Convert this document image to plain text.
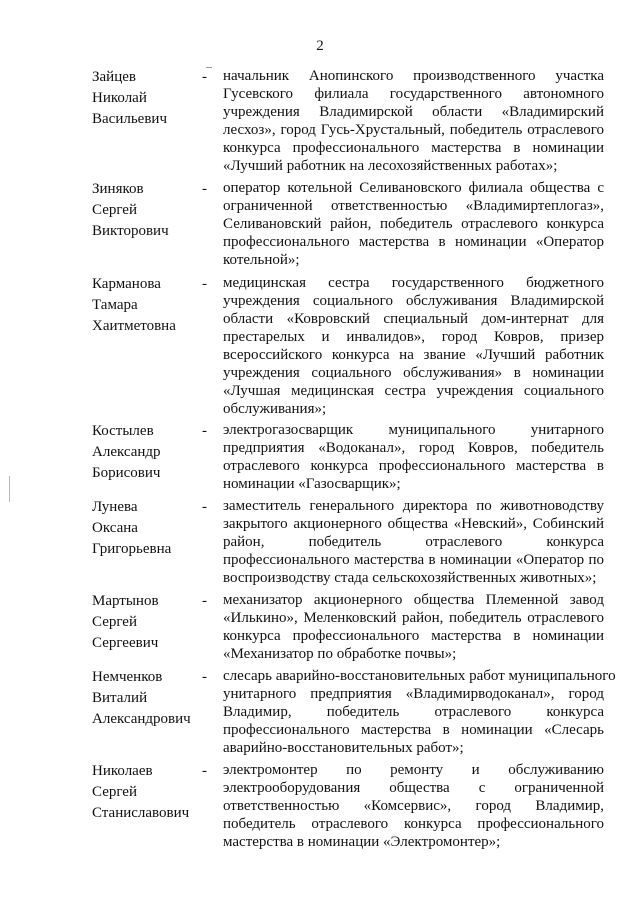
2
Зайцев
Николай
Васильевич
- начальник Анопинского производственного участка
Гусевского филиала государственного автономного
учреждения Владимирской области «Владимирский
лесхоз», город Гусь-Хрустальный, победитель отраслевого
конкурса профессионального мастерства в номинации
«Лучший работник на лесохозяйственных работах»;
Зиняков
Сергей
Викторович
- оператор котельной Селивановского филиала общества с
ограниченной ответственностью «Владимиртеплогаз»,
Селивановский район, победитель отраслевого конкурса
профессионального мастерства в номинации «Оператор
котельной»;
Карманова
Тамара
Хаитметовна
- медицинская сестра государственного бюджетного
учреждения социального обслуживания Владимирской
области «Ковровский специальный дом-интернат для
престарелых и инвалидов», город Ковров, призер
всероссийского конкурса на звание «Лучший работник
учреждения социального обслуживания» в номинации
«Лучшая медицинская сестра учреждения социального
обслуживания»;
Костылев
Александр
Борисович
- электрогазосварщик муниципального унитарного
предприятия «Водоканал», город Ковров, победитель
отраслевого конкурса профессионального мастерства в
номинации «Газосварщик»;
Лунева
Оксана
Григорьевна
- заместитель генерального директора по животноводству
закрытого акционерного общества «Невский», Собинский
район, победитель отраслевого конкурса
профессионального мастерства в номинации «Оператор по
воспроизводству стада сельскохозяйственных животных»;
Мартынов
Сергей
Сергеевич
- механизатор акционерного общества Племенной завод
«Илькино», Меленковский район, победитель отраслевого
конкурса профессионального мастерства в номинации
«Механизатор по обработке почвы»;
Немченков
Виталий
Александрович
- слесарь аварийно-восстановительных работ муниципального
унитарного предприятия «Владимирводоканал», город
Владимир, победитель отраслевого конкурса
профессионального мастерства в номинации «Слесарь
аварийно-восстановительных работ»;
Николаев
Сергей
Станиславович
- электромонтер по ремонту и обслуживанию
электрооборудования общества с ограниченной
ответственностью «Комсервис», город Владимир,
победитель отраслевого конкурса профессионального
мастерства в номинации «Электромонтер»;
